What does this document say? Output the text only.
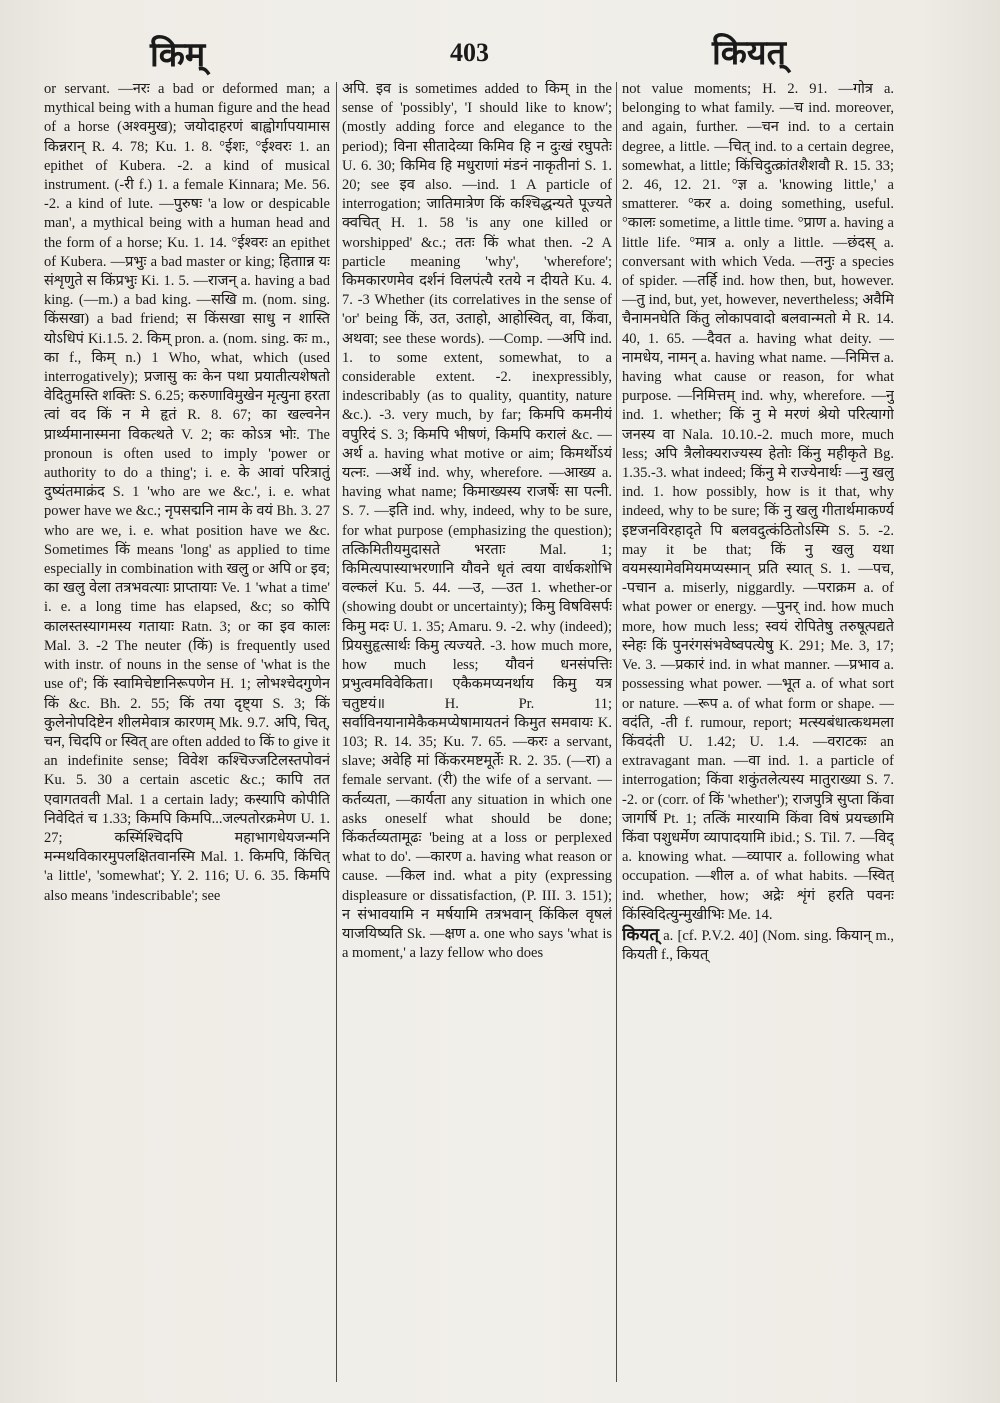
किम्	403	कियत्

or servant. —नरः a bad or deformed man; a mythical being with a human figure and the head of a horse (अश्वमुख); जयोदाहरणं बाह्वोर्गापयामास किन्नरान् R. 4. 78; Ku. 1. 8. °ईशः, °ईश्वरः 1. an epithet of Kubera. -2. a kind of musical instrument. (-री f.) 1. a female Kinnara; Me. 56. -2. a kind of lute. —पुरुषः 'a low or despicable man', a mythical being with a human head and the form of a horse; Ku. 1. 14. °ईश्वरः an epithet of Kubera. —प्रभुः a bad master or king; हिताान्न यः संशृणुते स किंप्रभुः Ki. 1. 5. —राजन् a. having a bad king. (—m.) a bad king. —सखि m. (nom. sing. किंसखा) a bad friend; स किंसखा साधु न शास्ति योऽधिपं Ki.1.5. 2. किम् pron. a. (nom. sing. कः m., का f., किम् n.) 1 Who, what, which (used interrogatively); प्रजासु कः केन पथा प्रयातीत्यशेषतो वेदितुमस्ति शक्तिः S. 6.25; करुणाविमुखेन मृत्युना हरता त्वां वद किं न मे हृतं R. 8. 67; का खल्वनेन प्रार्थ्यमानास्मना विकत्थते V. 2; कः कोऽत्र भोः. The pronoun is often used to imply 'power or authority to do a thing'; i. e. के आवां परित्रातुं दुष्यंतमाक्रंद S. 1 'who are we &c.', i. e. what power have we &c.; नृपसद्मनि नाम के वयं Bh. 3. 27 who are we, i. e. what position have we &c. Sometimes किं means 'long' as applied to time especially in combination with खलु or अपि or इव; का खलु वेला तत्रभवत्याः प्राप्तायाः Ve. 1 'what a time' i. e. a long time has elapsed, &c; so कोपि कालस्तस्यागमस्य गतायाः Ratn. 3; or का इव कालः Mal. 3. -2 The neuter (किं) is frequently used with instr. of nouns in the sense of 'what is the use of'; किं स्वामिचेष्टानिरूपणेन H. 1; लोभश्चेदगुणेन किं &c. Bh. 2. 55; किं तया दृष्ट्या S. 3; किं कुलेनोपदिष्टेन शीलमेवात्र कारणम् Mk. 9.7. अपि, चित्, चन, चिदपि or स्वित् are often added to किं to give it an indefinite sense; विवेश कश्चिज्जटिलस्तपोवनं Ku. 5. 30 a certain ascetic &c.; कापि तत एवागतवती Mal. 1 a certain lady; कस्यापि कोपीति निवेदितं च 1.33; किमपि किमपि...जल्पतोरक्रमेण U. 1. 27; कस्मिंश्चिदपि महाभागधेयजन्मनि मन्मथविकारमुपलक्षितवानस्मि Mal. 1. किमपि, किंचित् 'a little', 'somewhat'; Y. 2. 116; U. 6. 35. किमपि also means 'indescribable'; see

अपि. इव is sometimes added to किम् in the sense of 'possibly', 'I should like to know'; (mostly adding force and elegance to the period); विना सीतादेव्या किमिव हि न दुःखं रघुपतेः U. 6. 30; किमिव हि मधुराणां मंडनं नाकृतीनां S. 1. 20; see इव also. —ind. 1 A particle of interrogation; जातिमात्रेण किं कश्चिद्धन्यते पूज्यते क्वचित् H. 1. 58 'is any one killed or worshipped' &c.; ततः किं what then. -2 A particle meaning 'why', 'wherefore'; किमकारणमेव दर्शनं विलपंत्यै रतये न दीयते Ku. 4. 7. -3 Whether (its correlatives in the sense of 'or' being किं, उत, उताहो, आहोस्वित्, वा, किंवा, अथवा; see these words). —Comp. —अपि ind. 1. to some extent, somewhat, to a considerable extent. -2. inexpressibly, indescribably (as to quality, quantity, nature &c.). -3. very much, by far; किमपि कमनीयं वपुरिदं S. 3; किमपि भीषणं, किमपि करालं &c. —अर्थ a. having what motive or aim; किमर्थोऽयं यत्नः. —अर्थे ind. why, wherefore. —आख्य a. having what name; किमाख्यस्य राजर्षेः सा पत्नी. S. 7. —इति ind. why, indeed, why to be sure, for what purpose (emphasizing the question); तत्किमितीयमुदासते भरताः Mal. 1; किमित्यपास्याभरणानि यौवने धृतं त्वया वार्धकशोभि वल्कलं Ku. 5. 44. —उ, —उत 1. whether-or (showing doubt or uncertainty); किमु विषविसर्पः किमु मदः U. 1. 35; Amaru. 9. -2. why (indeed); प्रियसुहृत्सार्थः किमु त्यज्यते. -3. how much more, how much less; यौवनं धनसंपत्तिः प्रभुत्वमविवेकिता। एकैकमप्यनर्थाय किमु यत्र चतुष्टयं॥ H. Pr. 11; सर्वाविनयानामेकैकमप्येषामायतनं किमुत समवायः K. 103; R. 14. 35; Ku. 7. 65. —करः a servant, slave; अवेहि मां किंकरमष्टमूर्तेः R. 2. 35. (—रा) a female servant. (री) the wife of a servant. —कर्तव्यता, —कार्यता any situation in which one asks oneself what should be done; किंकर्तव्यतामूढः 'being at a loss or perplexed what to do'. —कारण a. having what reason or cause. —किल ind. what a pity (expressing displeasure or dissatisfaction, (P. III. 3. 151); न संभावयामि न मर्षयामि तत्रभवान् किंकिल वृषलं याजयिष्यति Sk. —क्षण a. one who says 'what is a moment,' a lazy fellow who does

not value moments; H. 2. 91. —गोत्र a. belonging to what family. —च ind. moreover, and again, further. —चन ind. to a certain degree, a little. —चित् ind. to a certain degree, somewhat, a little; किंचिदुत्क्रांतशैशवौ R. 15. 33; 2. 46, 12. 21. °ज्ञ a. 'knowing little,' a smatterer. °कर a. doing something, useful. °कालः sometime, a little time. °प्राण a. having a little life. °मात्र a. only a little. —छंदस् a. conversant with which Veda. —तनुः a species of spider. —तर्हि ind. how then, but, however. —तु ind, but, yet, however, nevertheless; अवैमि चैनामनघेति किंतु लोकापवादो बलवान्मतो मे R. 14. 40, 1. 65. —दैवत a. having what deity. —नामधेय, नामन् a. having what name. —निमित्त a. having what cause or reason, for what purpose. —निमित्तम् ind. why, wherefore. —नु ind. 1. whether; किं नु मे मरणं श्रेयो परित्यागो जनस्य वा Nala. 10.10.-2. much more, much less; अपि त्रैलोक्यराज्यस्य हेतोः किंनु महीकृते Bg. 1.35.-3. what indeed; किंनु मे राज्येनार्थः —नु खलु ind. 1. how possibly, how is it that, why indeed, why to be sure; किं नु खलु गीतार्थमाकर्ण्य इष्टजनविरहादृते पि बलवदुत्कंठितोऽस्मि S. 5. -2. may it be that; किं नु खलु यथा वयमस्यामेवमियमप्यस्मान् प्रति स्यात् S. 1. —पच, -पचान a. miserly, niggardly. —पराक्रम a. of what power or energy. —पुनर् ind. how much more, how much less; स्वयं रोपितेषु तरुषूत्पद्यते स्नेहः किं पुनरंगसंभवेष्वपत्येषु K. 291; Me. 3, 17; Ve. 3. —प्रकारं ind. in what manner. —प्रभाव a. possessing what power. —भूत a. of what sort or nature. —रूप a. of what form or shape. —वदंति, -ती f. rumour, report; मत्स्यबंधात्कथमला किंवदंती U. 1.42; U. 1.4. —वराटकः an extravagant man. —वा ind. 1. a particle of interrogation; किंवा शकुंतलेत्यस्य मातुराख्या S. 7. -2. or (corr. of किं 'whether'); राजपुत्रि सुप्ता किंवा जागर्षि Pt. 1; तत्किं मारयामि किंवा विषं प्रयच्छामि किंवा पशुधर्मेण व्यापादयामि ibid.; S. Til. 7. —विद् a. knowing what. —व्यापार a. following what occupation. —शील a. of what habits. —स्वित् ind. whether, how; अद्रेः शृंगं हरति पवनः किंस्विदित्युन्मुखीभिः Me. 14.

कियत् a. [cf. P.V.2. 40] (Nom. sing. कियान् m., कियती f., कियत्
